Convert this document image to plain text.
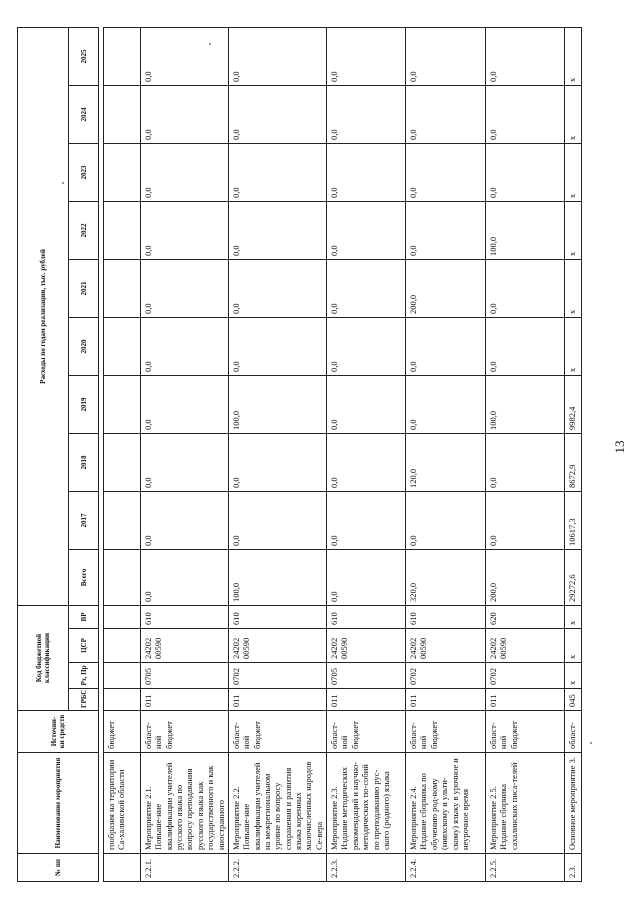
13
№ пп	Наименование мероприятия	Источни-ки средств	Код бюджетной классификации				Расходы по годам реализации, тыс. рублей									
			ГРБС	Рз, Пр	ЦСР	ВР	Всего	2017	2018	2019	2020	2021	2022	2023	2024	2025
	гообразия на территории Са-халинской области	бюджет														
2.2.1.	Мероприятие 2.1. Повыше-ние квалификации учителей русского языка по вопросу преподавания русского языка как государственного и как иностранного	област-ной бюджет	011	0705	24202 00590	610	0,0	0,0	0,0	0,0	0,0	0,0	0,0	0,0	0,0	0,0
2.2.2.	Мероприятие 2.2. Повыше-ние квалификации учителей на межрегиональном уровне по вопросу сохранения и развития языка коренных малочисленных народов Се-вера	област-ной бюджет	011	0702	24202 00590	610	100,0	0,0	0,0	100,0	0,0	0,0	0,0	0,0	0,0	0,0
2.2.3.	Мероприятие 2.3. Издание методических рекомендаций и научно-методических по-собий по преподаванию рус-ского (родного) языка	област-ной бюджет	011	0705	24202 00590	610	0,0	0,0	0,0	0,0	0,0	0,0	0,0	0,0	0,0	0,0
2.2.4.	Мероприятие 2.4. Издание сборника по обучению род-ному (нивхскому и ульти-скому) языку в урочное и неурочное время	област-ной бюджет	011	0702	24202 00590	610	320,0	0,0	120,0	0,0	0,0	200,0	0,0	0,0	0,0	0,0
2.2.5.	Мероприятие 2.5. Издание сборника сахалинских писа-телей	област-ной бюджет	011	0702	24202 00590	620	200,0	0,0	0,0	100,0	0,0	0,0	100,0	0,0	0,0	0,0
2.3.	Основное мероприятие 3.	област-	045	x	x	x	29272,6	10617,3	8672,9	9982,4	x	x	x	x	x	x
